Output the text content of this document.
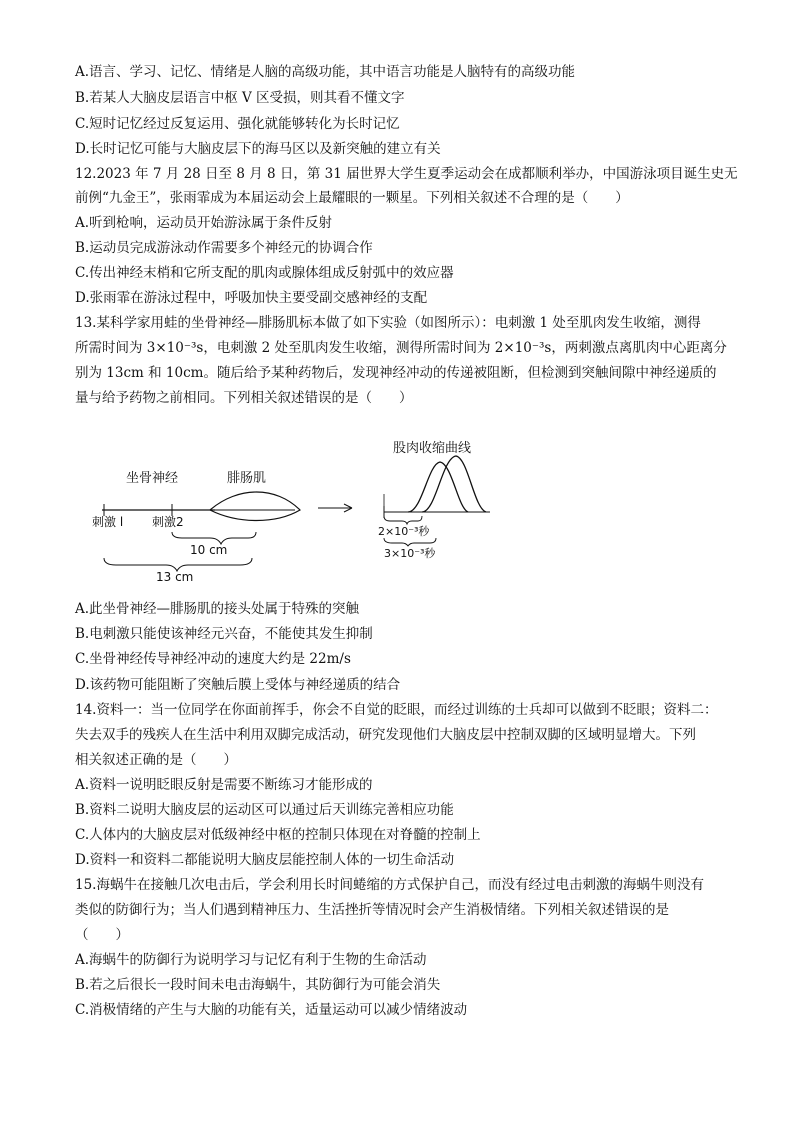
A.语言、学习、记忆、情绪是人脑的高级功能，其中语言功能是人脑特有的高级功能
B.若某人大脑皮层语言中枢 V 区受损，则其看不懂文字
C.短时记忆经过反复运用、强化就能够转化为长时记忆
D.长时记忆可能与大脑皮层下的海马区以及新突触的建立有关
12.2023 年 7 月 28 日至 8 月 8 日，第 31 届世界大学生夏季运动会在成都顺利举办，中国游泳项目诞生史无
前例“九金王”，张雨霏成为本届运动会上最耀眼的一颗星。下列相关叙述不合理的是（　　）
A.听到枪响，运动员开始游泳属于条件反射
B.运动员完成游泳动作需要多个神经元的协调合作
C.传出神经末梢和它所支配的肌肉或腺体组成反射弧中的效应器
D.张雨霏在游泳过程中，呼吸加快主要受副交感神经的支配
13.某科学家用蛙的坐骨神经—腓肠肌标本做了如下实验（如图所示）：电刺激 1 处至肌肉发生收缩，测得
所需时间为 3×10⁻³s，电刺激 2 处至肌肉发生收缩，测得所需时间为 2×10⁻³s，两刺激点离肌肉中心距离分
别为 13cm 和 10cm。随后给予某种药物后，发现神经冲动的传递被阻断，但检测到突触间隙中神经递质的
量与给予药物之前相同。下列相关叙述错误的是（　　）
坐骨神经	腓肠肌
刺激 l 刺激2
10 cm
13 cm
股肉收缩曲线
2×10⁻³秒
3×10⁻³秒
A.此坐骨神经—腓肠肌的接头处属于特殊的突触
B.电刺激只能使该神经元兴奋，不能使其发生抑制
C.坐骨神经传导神经冲动的速度大约是 22m/s
D.该药物可能阻断了突触后膜上受体与神经递质的结合
14.资料一：当一位同学在你面前挥手，你会不自觉的眨眼，而经过训练的士兵却可以做到不眨眼；资料二：
失去双手的残疾人在生活中利用双脚完成活动，研究发现他们大脑皮层中控制双脚的区域明显增大。下列
相关叙述正确的是（　　）
A.资料一说明眨眼反射是需要不断练习才能形成的
B.资料二说明大脑皮层的运动区可以通过后天训练完善相应功能
C.人体内的大脑皮层对低级神经中枢的控制只体现在对脊髓的控制上
D.资料一和资料二都能说明大脑皮层能控制人体的一切生命活动
15.海蜗牛在接触几次电击后，学会利用长时间蜷缩的方式保护自己，而没有经过电击刺激的海蜗牛则没有
类似的防御行为；当人们遇到精神压力、生活挫折等情况时会产生消极情绪。下列相关叙述错误的是
（　　）
A.海蜗牛的防御行为说明学习与记忆有利于生物的生命活动
B.若之后很长一段时间未电击海蜗牛，其防御行为可能会消失
C.消极情绪的产生与大脑的功能有关，适量运动可以减少情绪波动
